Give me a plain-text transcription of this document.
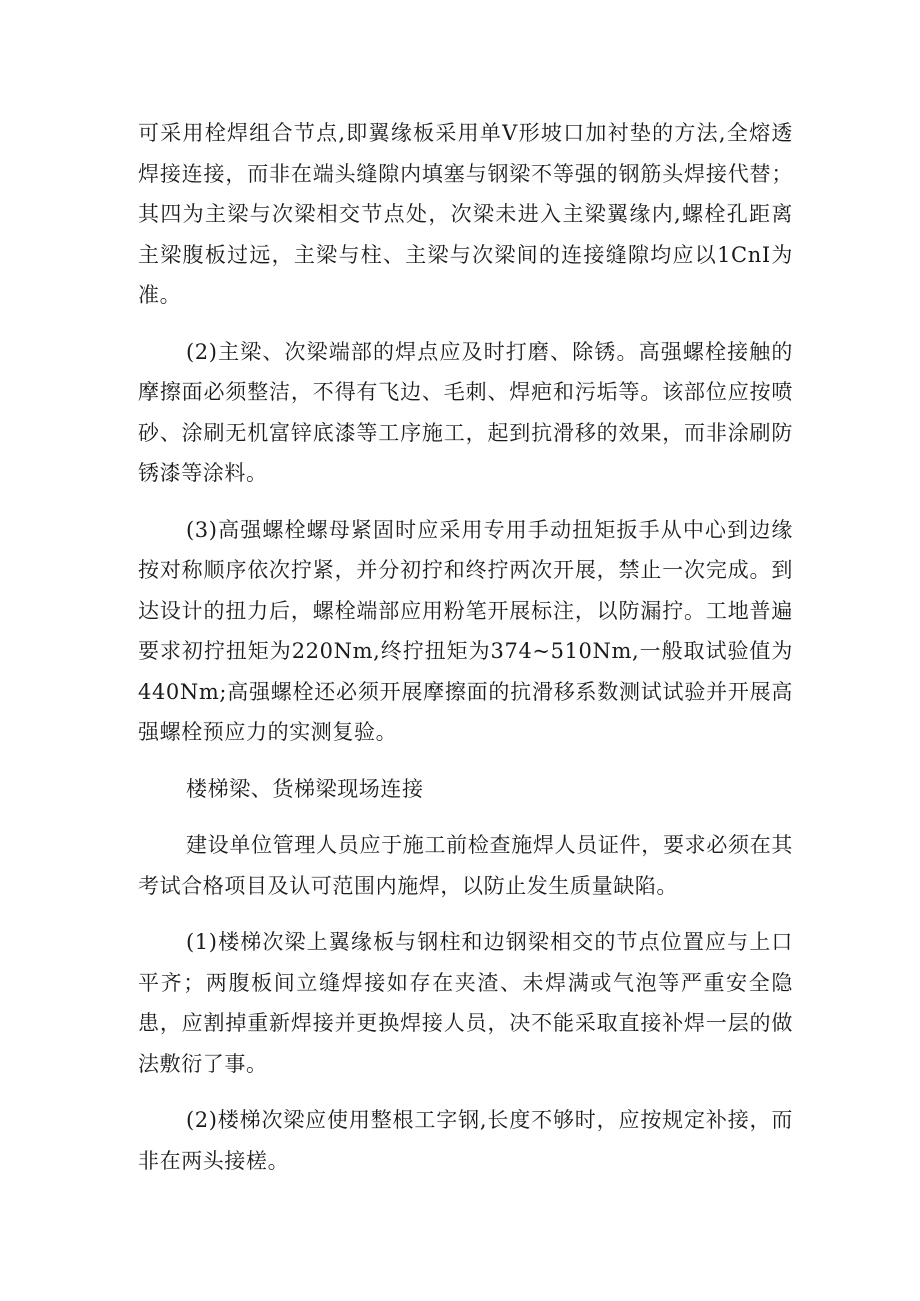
可采用栓焊组合节点,即翼缘板采用单V形坡口加衬垫的方法,全熔透焊接连接，而非在端头缝隙内填塞与钢梁不等强的钢筋头焊接代替；其四为主梁与次梁相交节点处，次梁未进入主梁翼缘内,螺栓孔距离主梁腹板过远，主梁与柱、主梁与次梁间的连接缝隙均应以1CnI为准。

(2)主梁、次梁端部的焊点应及时打磨、除锈。高强螺栓接触的摩擦面必须整洁，不得有飞边、毛刺、焊疤和污垢等。该部位应按喷砂、涂刷无机富锌底漆等工序施工，起到抗滑移的效果，而非涂刷防锈漆等涂料。

(3)高强螺栓螺母紧固时应采用专用手动扭矩扳手从中心到边缘按对称顺序依次拧紧，并分初拧和终拧两次开展，禁止一次完成。到达设计的扭力后，螺栓端部应用粉笔开展标注，以防漏拧。工地普遍要求初拧扭矩为220Nm,终拧扭矩为374~510Nm,一般取试验值为440Nm;高强螺栓还必须开展摩擦面的抗滑移系数测试试验并开展高强螺栓预应力的实测复验。

楼梯梁、货梯梁现场连接

建设单位管理人员应于施工前检查施焊人员证件，要求必须在其考试合格项目及认可范围内施焊，以防止发生质量缺陷。

(1)楼梯次梁上翼缘板与钢柱和边钢梁相交的节点位置应与上口平齐；两腹板间立缝焊接如存在夹渣、未焊满或气泡等严重安全隐患，应割掉重新焊接并更换焊接人员，决不能采取直接补焊一层的做法敷衍了事。

(2)楼梯次梁应使用整根工字钢,长度不够时，应按规定补接，而非在两头接槎。
